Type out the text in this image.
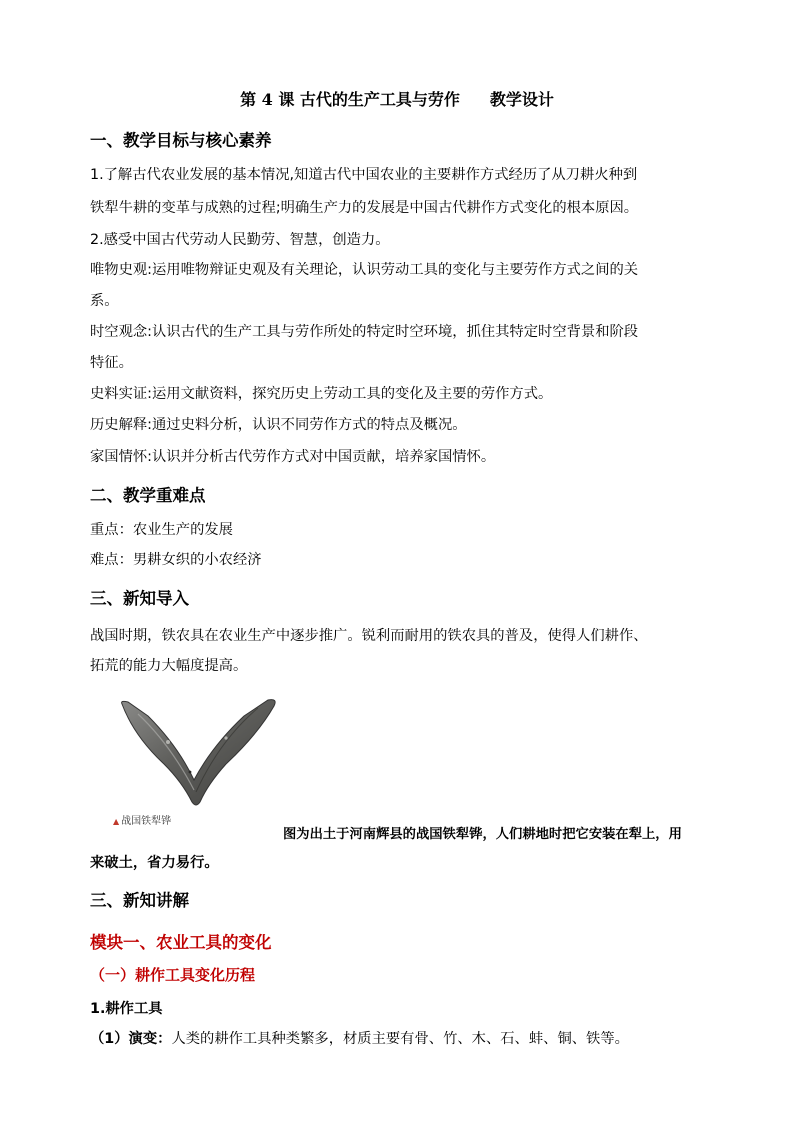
第 4 课 古代的生产工具与劳作 教学设计
一、教学目标与核心素养
1.了解古代农业发展的基本情况,知道古代中国农业的主要耕作方式经历了从刀耕火种到
铁犁牛耕的变革与成熟的过程;明确生产力的发展是中国古代耕作方式变化的根本原因。
2.感受中国古代劳动人民勤劳、智慧，创造力。
唯物史观:运用唯物辩证史观及有关理论，认识劳动工具的变化与主要劳作方式之间的关
系。
时空观念:认识古代的生产工具与劳作所处的特定时空环境，抓住其特定时空背景和阶段
特征。
史料实证:运用文献资料，探究历史上劳动工具的变化及主要的劳作方式。
历史解释:通过史料分析，认识不同劳作方式的特点及概况。
家国情怀:认识并分析古代劳作方式对中国贡献，培养家国情怀。
二、教学重难点
重点：农业生产的发展
难点：男耕女织的小农经济
三、新知导入
战国时期，铁农具在农业生产中逐步推广。锐利而耐用的铁农具的普及，使得人们耕作、
拓荒的能力大幅度提高。
▲ 战国铁犁铧
图为出土于河南辉县的战国铁犁铧，人们耕地时把它安装在犁上，用
来破土，省力易行。
三、新知讲解
模块一、农业工具的变化
（一）耕作工具变化历程
1.耕作工具
（1）演变：人类的耕作工具种类繁多，材质主要有骨、竹、木、石、蚌、铜、铁等。
